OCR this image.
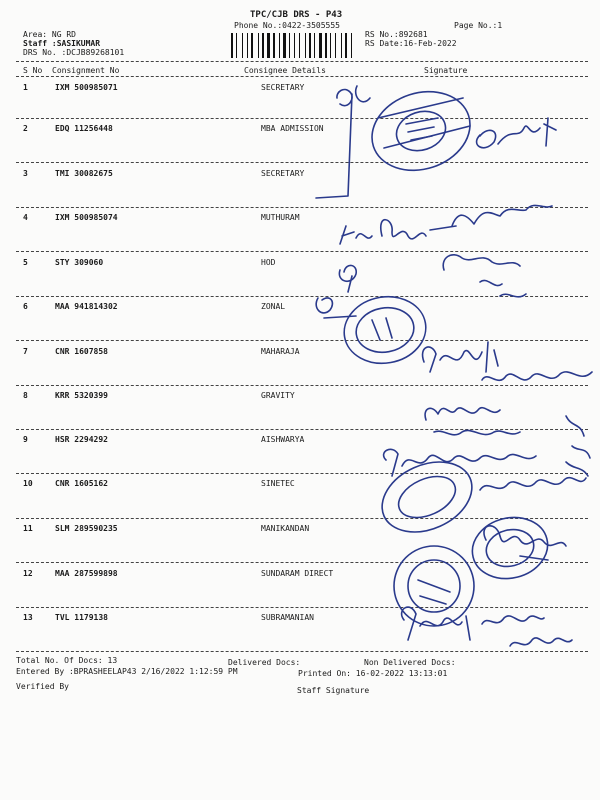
TPC/CJB DRS - P43
Phone No.:0422-3505555	Page No.:1
Area: NG RD
Staff :SASIKUMAR
DRS No. :DCJB89268101
RS No.:892681
RS Date:16-Feb-2022
S No Consignment No	Consignee Details	Signature
1	IXM 500985071	SECRETARY
2	EDQ 11256448	MBA ADMISSION
3	TMI 30082675	SECRETARY
4	IXM 500985074	MUTHURAM
5	STY 309060	HOD
6	MAA 941814302	ZONAL
7	CNR 1607858	MAHARAJA
8	KRR 5320399	GRAVITY
9	HSR 2294292	AISHWARYA
10	CNR 1605162	SINETEC
11	SLM 289590235	MANIKANDAN
12	MAA 287599898	SUNDARAM DIRECT
13	TVL 1179138	SUBRAMANIAN
Total No. Of Docs: 13	Delivered Docs:	Non Delivered Docs:
Entered By :BPRASHEELAP43 2/16/2022 1:12:59 PM	Printed On: 16-02-2022 13:13:01
Verified By	Staff Signature
